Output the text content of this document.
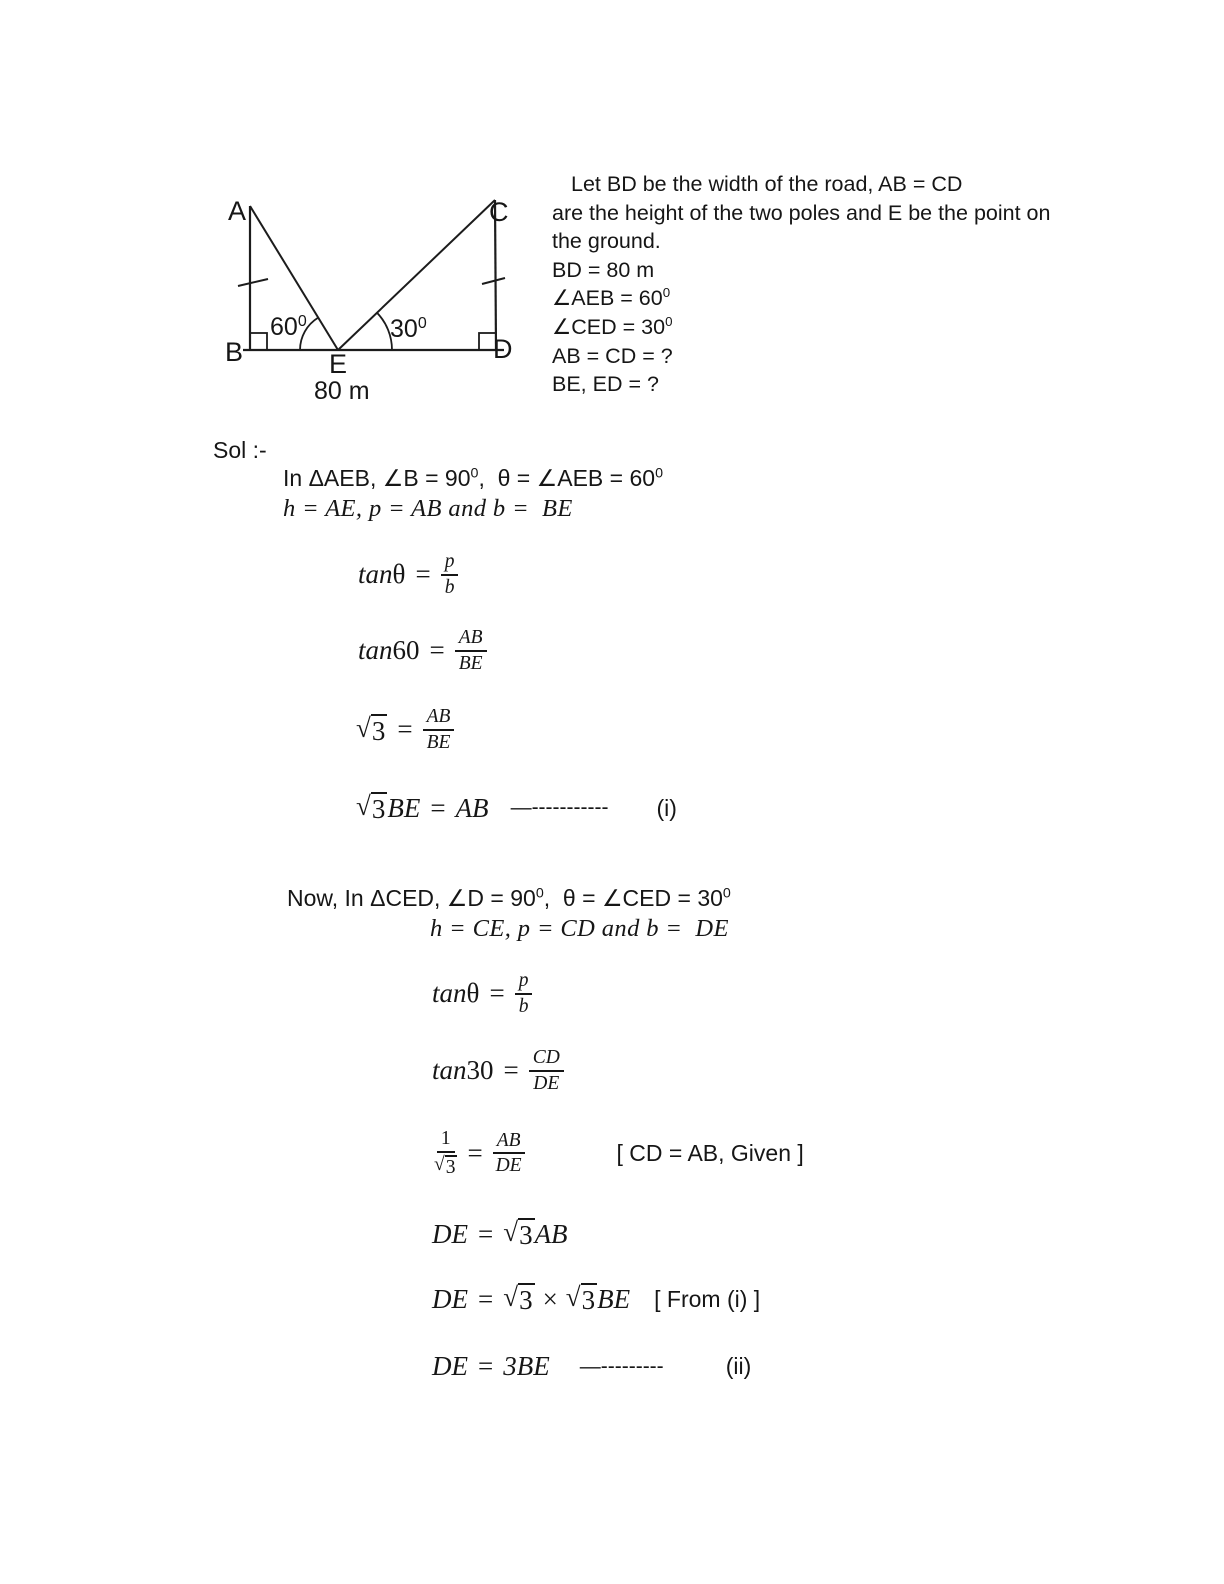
A
B
C
D
E
$60^0$	$30^0$
80 m
Let BD be the width of the road, AB = CD
are the height of the two poles and E be the point on
the ground.
BD = 80 m
∠AEB = $60^0$
∠CED = $30^0$
AB = CD = ?
BE, ED = ?
Sol :-
In ΔAEB, ∠B = $90^0$,  θ = ∠AEB = $60^0$
h = AE, p = AB and b =  BE
$\tan \theta = \frac{p}{b}$
$\tan 60 = \frac{AB}{BE}$
√ $3 = \frac{AB}{BE}$
√ 3 BE = AB —----------- (i)
Now, In ΔCED, ∠D = $90^0$,  θ = ∠CED = $30^0$
h = CE, p = CD and b =  DE
$\tan \theta = \frac{p}{b}$
$\tan 30 = \frac{CD}{DE}$
$\frac{1}{√ 3} = \frac{AB}{DE}$	[ CD = AB, Given ]
DE = √ 3 AB
DE = √ 3 × √ 3 BE [ From (i) ]
DE = 3BE —---------	(ii)
